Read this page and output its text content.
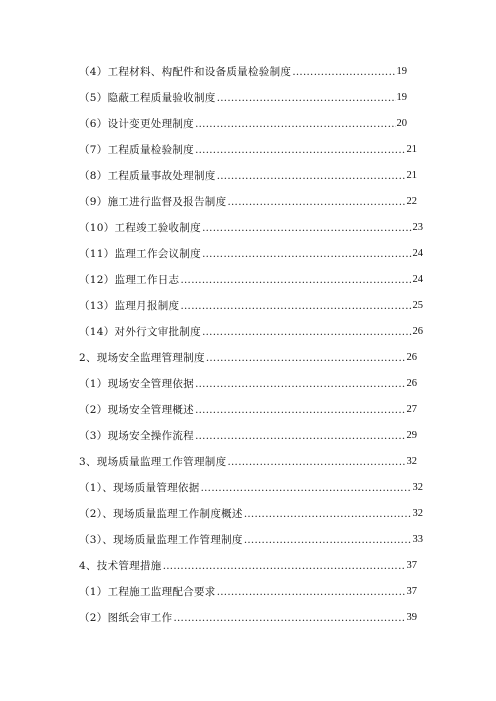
（4）工程材料、构配件和设备质量检验制度 …………………………………………………………………………………………………………………………………………………………………………	19
（5）隐蔽工程质量验收制度 …………………………………………………………………………………………………………………………………………………………………………	19
（6）设计变更处理制度 …………………………………………………………………………………………………………………………………………………………………………	20
（7）工程质量检验制度 …………………………………………………………………………………………………………………………………………………………………………	21
（8）工程质量事故处理制度 …………………………………………………………………………………………………………………………………………………………………………	21
（9）施工进行监督及报告制度 …………………………………………………………………………………………………………………………………………………………………………	22
（10）工程竣工验收制度 …………………………………………………………………………………………………………………………………………………………………………	23
（11）监理工作会议制度 …………………………………………………………………………………………………………………………………………………………………………	24
（12）监理工作日志 …………………………………………………………………………………………………………………………………………………………………………	24
（13）监理月报制度 …………………………………………………………………………………………………………………………………………………………………………	25
（14）对外行文审批制度 …………………………………………………………………………………………………………………………………………………………………………	26
2、现场安全监理管理制度 …………………………………………………………………………………………………………………………………………………………………………	26
（1）现场安全管理依据 …………………………………………………………………………………………………………………………………………………………………………	26
（2）现场安全管理概述 …………………………………………………………………………………………………………………………………………………………………………	27
（3）现场安全操作流程 …………………………………………………………………………………………………………………………………………………………………………	29
3、现场质量监理工作管理制度 …………………………………………………………………………………………………………………………………………………………………………	32
（1）、现场质量管理依据 …………………………………………………………………………………………………………………………………………………………………………	32
（2）、现场质量监理工作制度概述 …………………………………………………………………………………………………………………………………………………………………………	32
（3）、现场质量监理工作管理制度 …………………………………………………………………………………………………………………………………………………………………………	33
4、技术管理措施 …………………………………………………………………………………………………………………………………………………………………………	37
（1）工程施工监理配合要求 …………………………………………………………………………………………………………………………………………………………………………	37
（2）图纸会审工作 …………………………………………………………………………………………………………………………………………………………………………	39
